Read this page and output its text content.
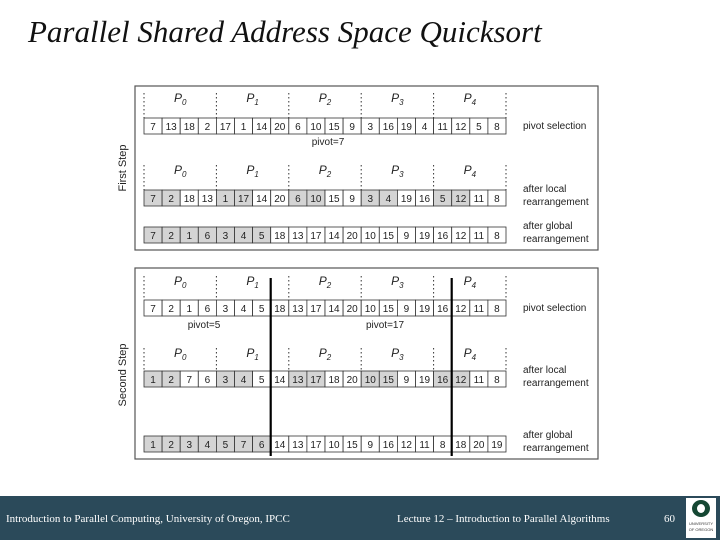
Parallel Shared Address Space Quicksort
First Step
$P_0$	$P_1$	$P_2$	$P_3$	$P_4$
7 13 18 2 17 1 14 20 6 10 15 9 3 16 19 4 11 12 5 8 pivot selection
pivot=7
$P_0$	$P_1$	$P_2$	$P_3$	$P_4$
7 2 18 13 1 17 14 20 6 10 15 9 3 4 19 16 5 12 11 8
after local
rearrangement
7 2 1 6 3 4 5 18 13 17 14 20 10 15 9 19 16 12 11 8
after global
rearrangement
Second Step
$P_0$	$P_1$	$P_2$	$P_3$	$P_4$
7 2 1 6 3 4 5 18 13 17 14 20 10 15 9 19 16 12 11 8 pivot selection
pivot=5	pivot=17
$P_0$	$P_1$	$P_2$	$P_3$	$P_4$
1 2 7 6 3 4 5 14 13 17 18 20 10 15 9 19 16 12 11 8
after local
rearrangement
1 2 3 4 5 7 6 14 13 17 10 15 9 16 12 11 8 18 20 19
after global
rearrangement
Introduction to Parallel Computing, University of Oregon, IPCC	Lecture 12 – Introduction to Parallel Algorithms	60	UNIVERSITY
OF OREGON
